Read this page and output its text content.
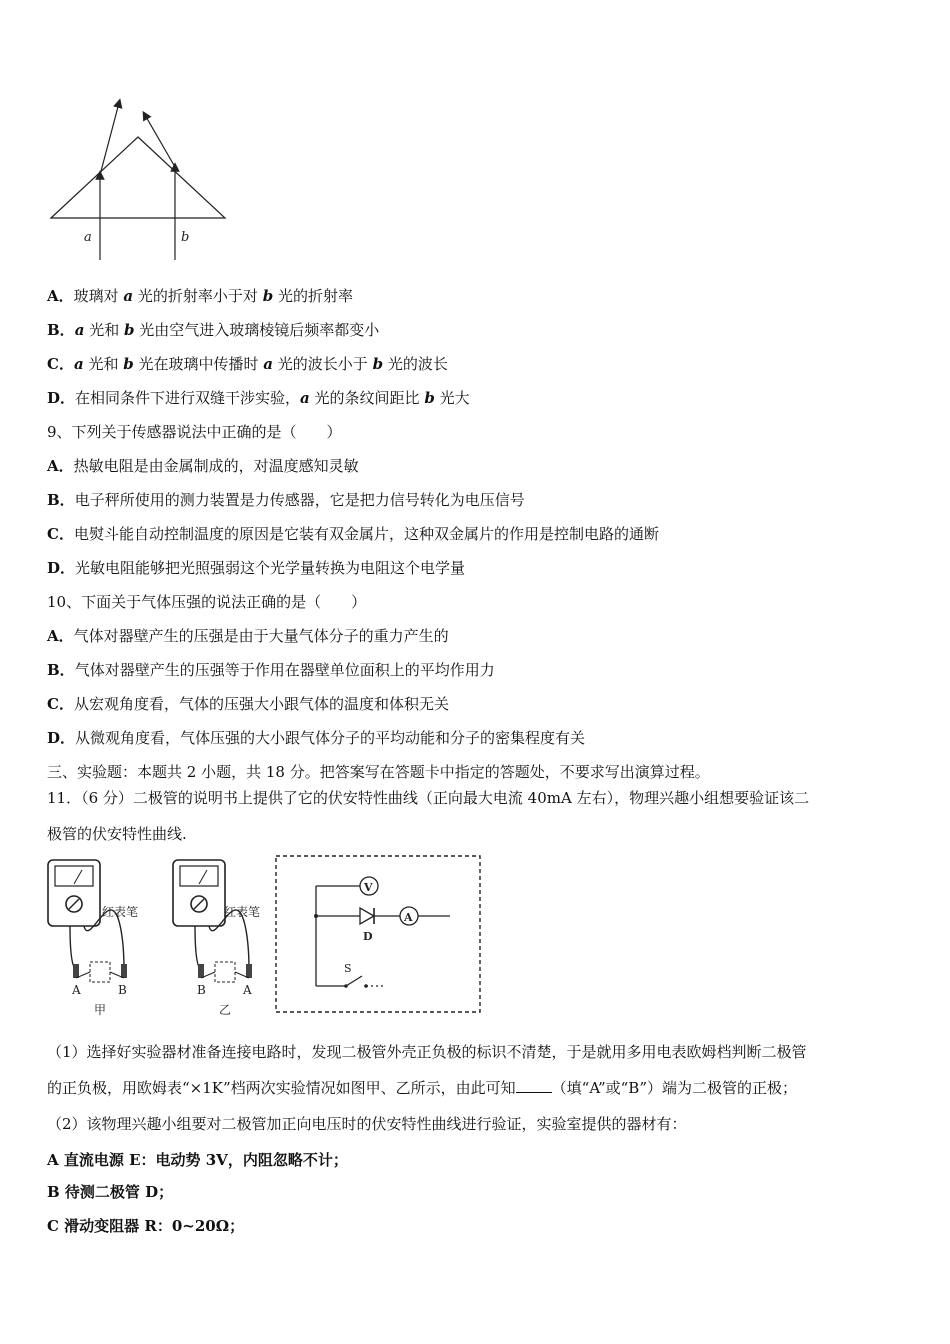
a	b
A．玻璃对 a 光的折射率小于对 b 光的折射率
B．a 光和 b 光由空气进入玻璃棱镜后频率都变小
C．a 光和 b 光在玻璃中传播时 a 光的波长小于 b 光的波长
D．在相同条件下进行双缝干涉实验，a 光的条纹间距比 b 光大
9、下列关于传感器说法中正确的是（　　）
A．热敏电阻是由金属制成的，对温度感知灵敏
B．电子秤所使用的测力装置是力传感器，它是把力信号转化为电压信号
C．电熨斗能自动控制温度的原因是它装有双金属片，这种双金属片的作用是控制电路的通断
D．光敏电阻能够把光照强弱这个光学量转换为电阻这个电学量
10、下面关于气体压强的说法正确的是（　　）
A．气体对器壁产生的压强是由于大量气体分子的重力产生的
B．气体对器壁产生的压强等于作用在器壁单位面积上的平均作用力
C．从宏观角度看，气体的压强大小跟气体的温度和体积无关
D．从微观角度看，气体压强的大小跟气体分子的平均动能和分子的密集程度有关
三、实验题：本题共 2 小题，共 18 分。把答案写在答题卡中指定的答题处，不要求写出演算过程。
11．（6 分）二极管的说明书上提供了它的伏安特性曲线（正向最大电流 40mA 左右），物理兴趣小组想要验证该二
极管的伏安特性曲线.
红表笔
A	B
甲
红表笔
B	A
乙
V
D
A
S
（1）选择好实验器材准备连接电路时，发现二极管外壳正负极的标识不清楚，于是就用多用电表欧姆档判断二极管
的正负极，用欧姆表“×1K”档两次实验情况如图甲、乙所示，由此可知 （填“A”或“B”）端为二极管的正极；
（2）该物理兴趣小组要对二极管加正向电压时的伏安特性曲线进行验证，实验室提供的器材有：
A 直流电源 E：电动势 3V，内阻忽略不计；
B 待测二极管 D；
C 滑动变阻器 R：0~20Ω；
